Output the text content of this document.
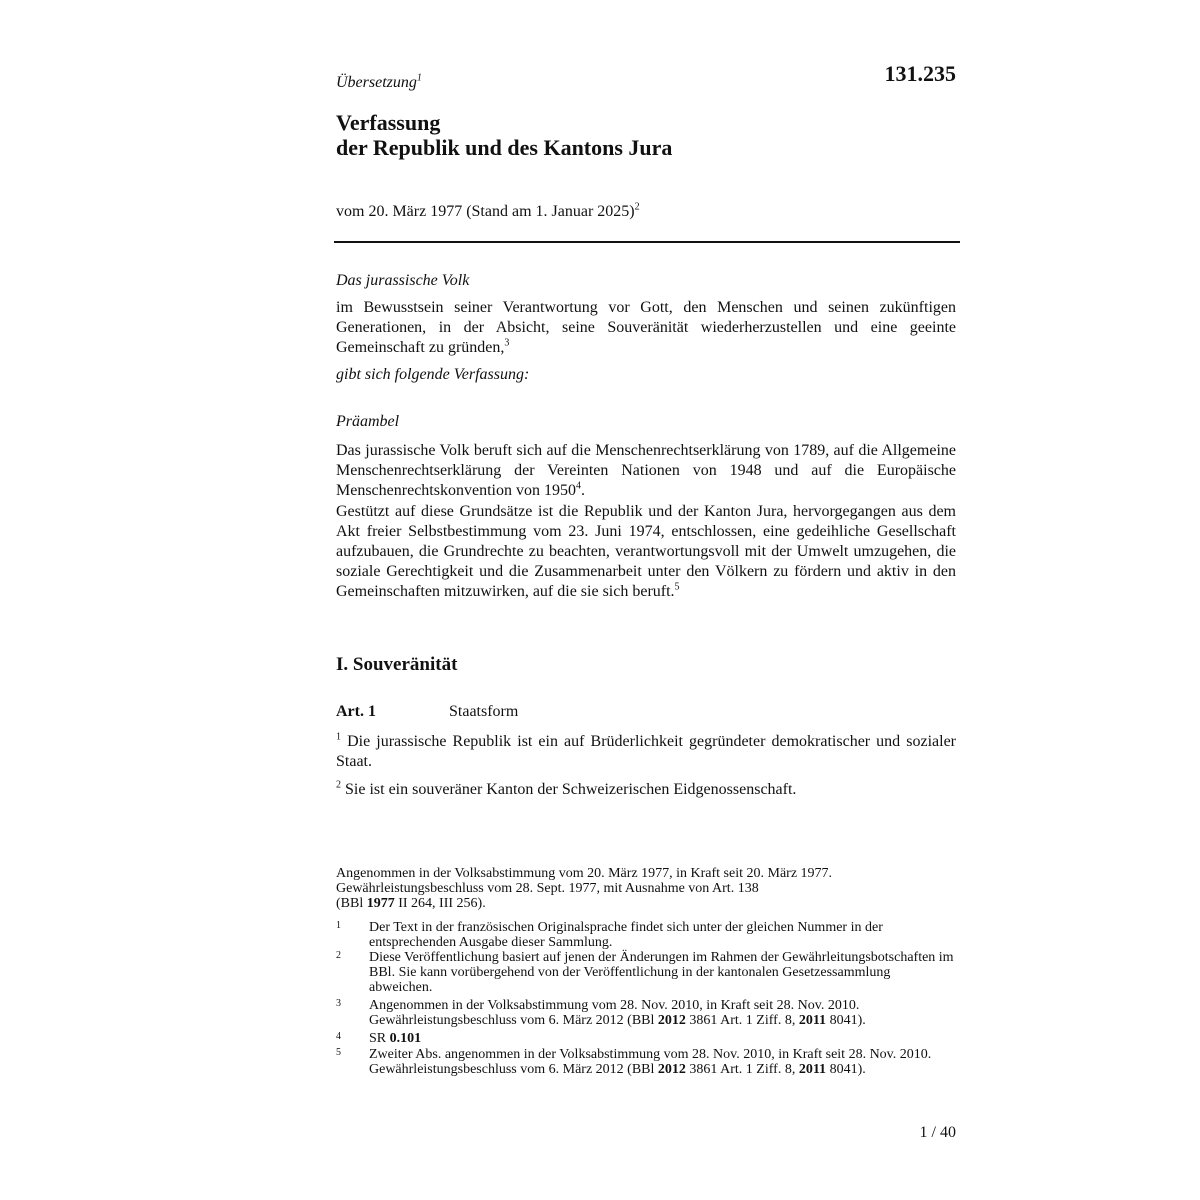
Übersetzung$^1$	131.235
Verfassung
der Republik und des Kantons Jura
vom 20. März 1977 (Stand am 1. Januar 2025)$^2$
Das jurassische Volk
im Bewusstsein seiner Verantwortung vor Gott, den Menschen und seinen zukünftigen Generationen, in der Absicht, seine Souveränität wiederherzustellen und eine geeinte Gemeinschaft zu gründen,$^3$
gibt sich folgende Verfassung:
Präambel
Das jurassische Volk beruft sich auf die Menschenrechtserklärung von 1789, auf die Allgemeine Menschenrechtserklärung der Vereinten Nationen von 1948 und auf die Europäische Menschenrechtskonvention von 1950$^4$.
Gestützt auf diese Grundsätze ist die Republik und der Kanton Jura, hervorgegangen aus dem Akt freier Selbstbestimmung vom 23. Juni 1974, entschlossen, eine gedeihliche Gesellschaft aufzubauen, die Grundrechte zu beachten, verantwortungsvoll mit der Umwelt umzugehen, die soziale Gerechtigkeit und die Zusammenarbeit unter den Völkern zu fördern und aktiv in den Gemeinschaften mitzuwirken, auf die sie sich beruft.$^5$
I. Souveränität
Art. 1	Staatsform
$^1$ Die jurassische Republik ist ein auf Brüderlichkeit gegründeter demokratischer und sozialer Staat.
$^2$ Sie ist ein souveräner Kanton der Schweizerischen Eidgenossenschaft.
Angenommen in der Volksabstimmung vom 20. März 1977, in Kraft seit 20. März 1977.
Gewährleistungsbeschluss vom 28. Sept. 1977, mit Ausnahme von Art. 138
(BBl 1977 II 264, III 256).
1	Der Text in der französischen Originalsprache findet sich unter der gleichen Nummer in der entsprechenden Ausgabe dieser Sammlung.
2	Diese Veröffentlichung basiert auf jenen der Änderungen im Rahmen der Gewährleitungsbotschaften im BBl. Sie kann vorübergehend von der Veröffentlichung in der kantonalen Gesetzessammlung abweichen.
3	Angenommen in der Volksabstimmung vom 28. Nov. 2010, in Kraft seit 28. Nov. 2010. Gewährleistungsbeschluss vom 6. März 2012 (BBl 2012 3861 Art. 1 Ziff. 8, 2011 8041).
4	SR 0.101
5	Zweiter Abs. angenommen in der Volksabstimmung vom 28. Nov. 2010, in Kraft seit 28. Nov. 2010. Gewährleistungsbeschluss vom 6. März 2012 (BBl 2012 3861 Art. 1 Ziff. 8, 2011 8041).
1 / 40
